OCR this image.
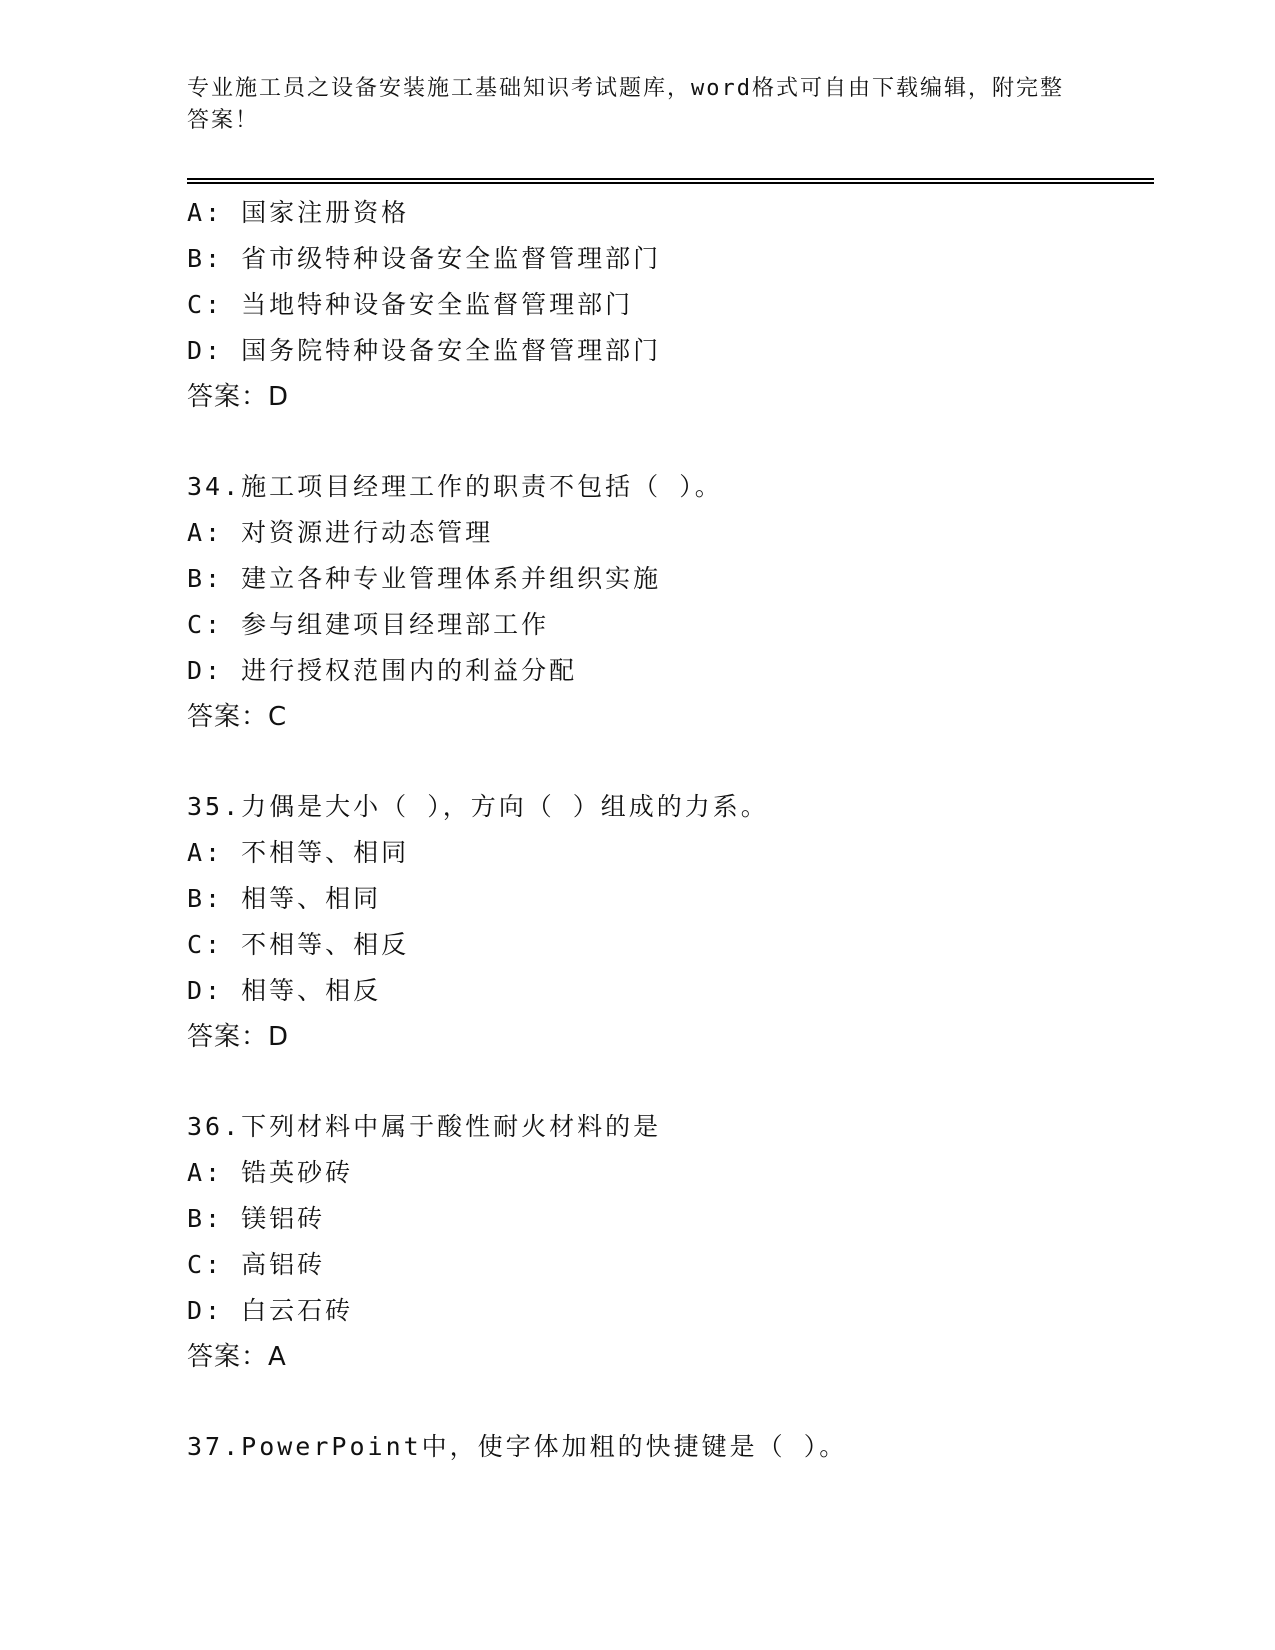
专业施工员之设备安装施工基础知识考试题库，word格式可自由下载编辑，附完整答案！
A: 国家注册资格
B: 省市级特种设备安全监督管理部门
C: 当地特种设备安全监督管理部门
D: 国务院特种设备安全监督管理部门
答案：D
34.施工项目经理工作的职责不包括（ ）。
A: 对资源进行动态管理
B: 建立各种专业管理体系并组织实施
C: 参与组建项目经理部工作
D: 进行授权范围内的利益分配
答案：C
35.力偶是大小（ ），方向（ ）组成的力系。
A: 不相等、相同
B: 相等、相同
C: 不相等、相反
D: 相等、相反
答案：D
36.下列材料中属于酸性耐火材料的是
A: 锆英砂砖
B: 镁铝砖
C: 高铝砖
D: 白云石砖
答案：A
37.PowerPoint中，使字体加粗的快捷键是（ ）。
